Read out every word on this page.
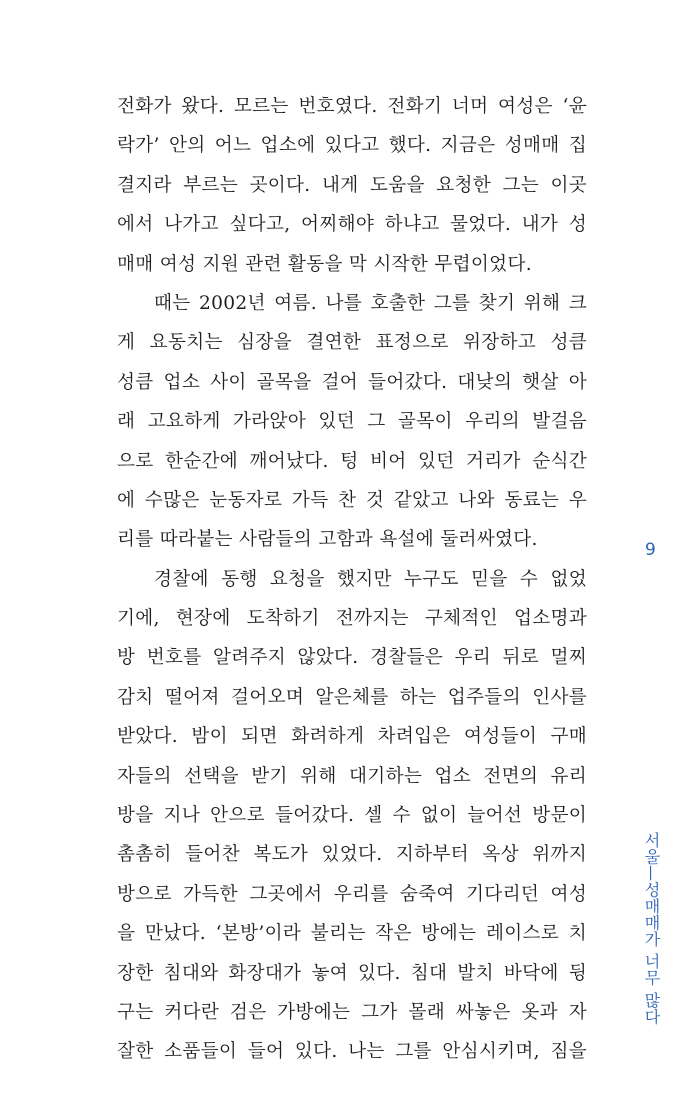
전화가 왔다. 모르는 번호였다. 전화기 너머 여성은 ‘윤
락가’ 안의 어느 업소에 있다고 했다. 지금은 성매매 집
결지라 부르는 곳이다. 내게 도움을 요청한 그는 이곳
에서 나가고 싶다고, 어찌해야 하냐고 물었다. 내가 성
매매 여성 지원 관련 활동을 막 시작한 무렵이었다.
때는 2002년 여름. 나를 호출한 그를 찾기 위해 크
게 요동치는 심장을 결연한 표정으로 위장하고 성큼
성큼 업소 사이 골목을 걸어 들어갔다. 대낮의 햇살 아
래 고요하게 가라앉아 있던 그 골목이 우리의 발걸음
으로 한순간에 깨어났다. 텅 비어 있던 거리가 순식간
에 수많은 눈동자로 가득 찬 것 같았고 나와 동료는 우
리를 따라붙는 사람들의 고함과 욕설에 둘러싸였다.
경찰에 동행 요청을 했지만 누구도 믿을 수 없었
기에, 현장에 도착하기 전까지는 구체적인 업소명과
방 번호를 알려주지 않았다. 경찰들은 우리 뒤로 멀찌
감치 떨어져 걸어오며 알은체를 하는 업주들의 인사를
받았다. 밤이 되면 화려하게 차려입은 여성들이 구매
자들의 선택을 받기 위해 대기하는 업소 전면의 유리
방을 지나 안으로 들어갔다. 셀 수 없이 늘어선 방문이
촘촘히 들어찬 복도가 있었다. 지하부터 옥상 위까지
방으로 가득한 그곳에서 우리를 숨죽여 기다리던 여성
을 만났다. ‘본방’이라 불리는 작은 방에는 레이스로 치
장한 침대와 화장대가 놓여 있다. 침대 발치 바닥에 뒹
구는 커다란 검은 가방에는 그가 몰래 싸놓은 옷과 자
잘한 소품들이 들어 있다. 나는 그를 안심시키며, 짐을
9
서울—성매매가 너무 많다
